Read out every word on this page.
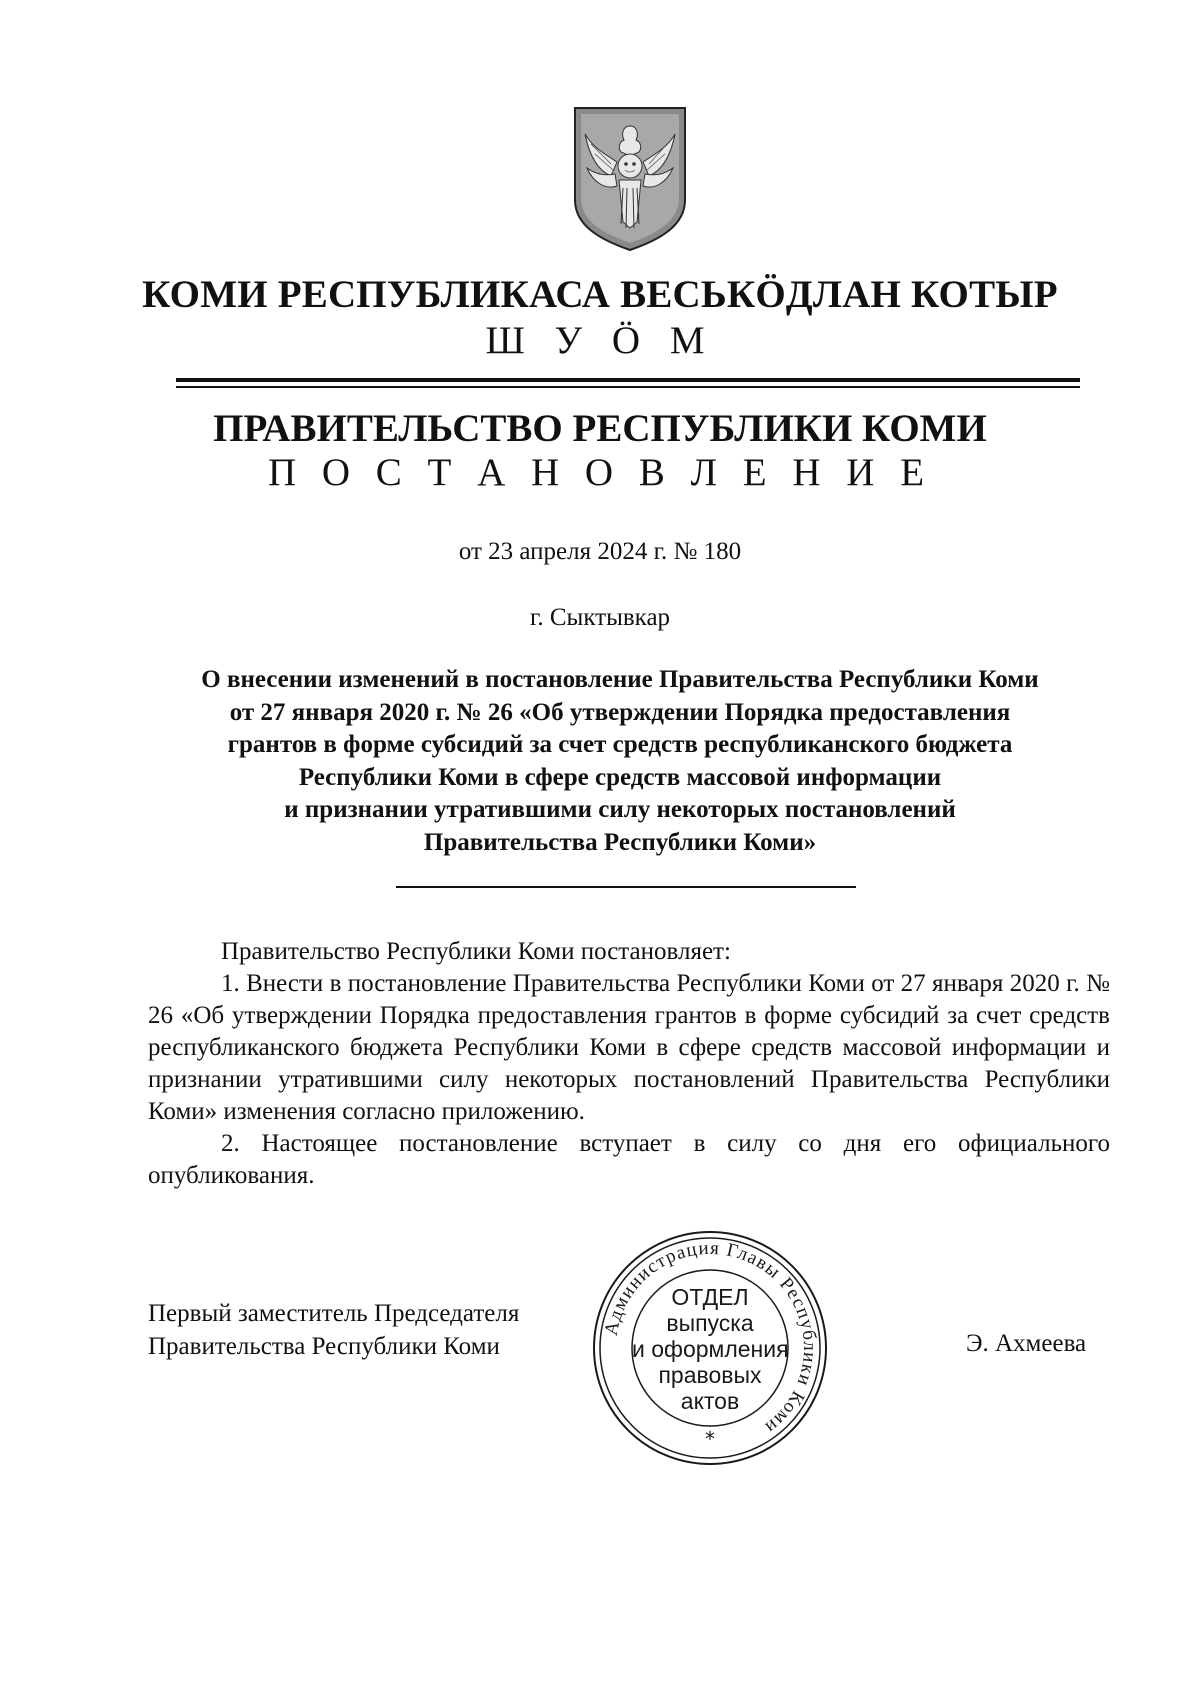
КОМИ РЕСПУБЛИКАСА ВЕСЬКӦДЛАН КОТЫР
Ш У Ӧ М
ПРАВИТЕЛЬСТВО РЕСПУБЛИКИ КОМИ
П О С Т А Н О В Л Е Н И Е
от 23 апреля 2024 г. № 180
г. Сыктывкар
О внесении изменений в постановление Правительства Республики Коми
от 27 января 2020 г. № 26 «Об утверждении Порядка предоставления
грантов в форме субсидий за счет средств республиканского бюджета
Республики Коми в сфере средств массовой информации
и признании утратившими силу некоторых постановлений
Правительства Республики Коми»

Правительство Республики Коми постановляет:

1. Внести в постановление Правительства Республики Коми от 27 января 2020 г. № 26 «Об утверждении Порядка предоставления грантов в форме субсидий за счет средств республиканского бюджета Республики Коми в сфере средств массовой информации и признании утратившими силу некоторых постановлений Правительства Республики Коми» изменения согласно приложению.

2. Настоящее постановление вступает в силу со дня его официального опубликования.

Первый заместитель Председателя
Правительства Республики Коми	Э. Ахмеева
Администрация Главы Республики Коми
*
ОТДЕЛ
выпуска
и оформления
правовых
актов
